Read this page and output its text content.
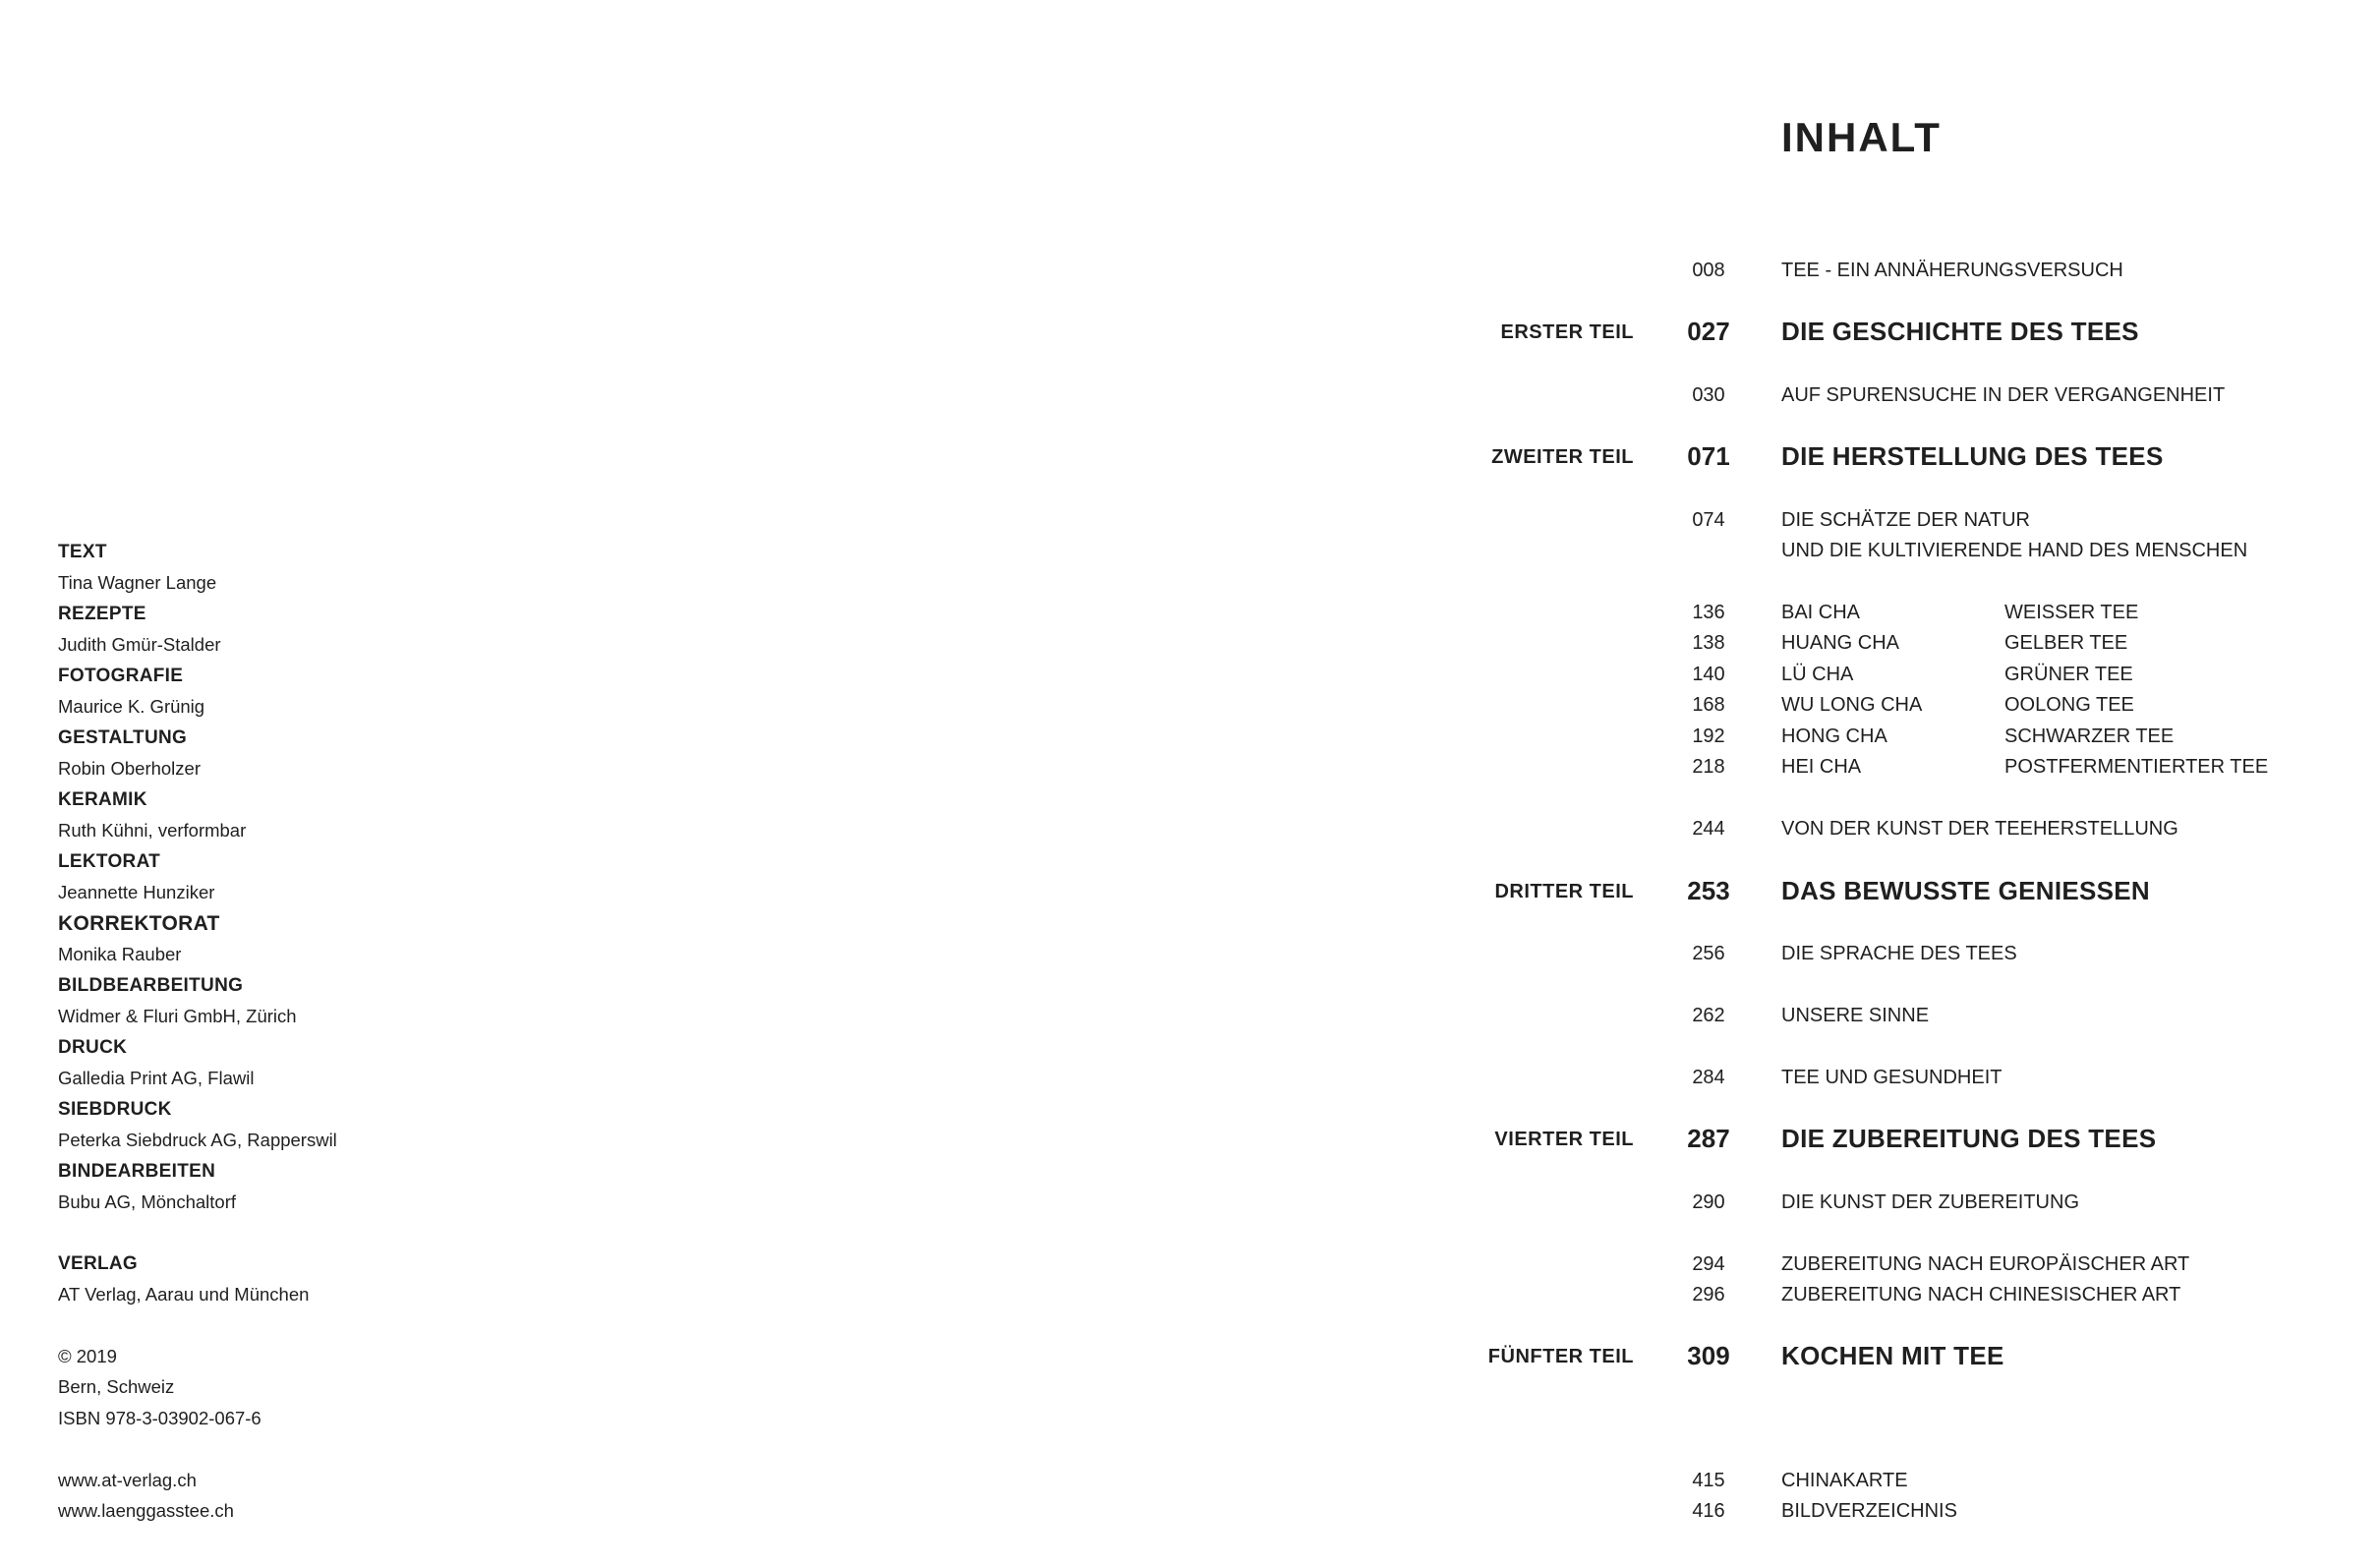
TEXT
Tina Wagner Lange
REZEPTE
Judith Gmür-Stalder
FOTOGRAFIE
Maurice K. Grünig
GESTALTUNG
Robin Oberholzer
KERAMIK
Ruth Kühni, verformbar
LEKTORAT
Jeannette Hunziker
KORREKTORAT
Monika Rauber
BILDBEARBEITUNG
Widmer & Fluri GmbH, Zürich
DRUCK
Galledia Print AG, Flawil
SIEBDRUCK
Peterka Siebdruck AG, Rapperswil
BINDEARBEITEN
Bubu AG, Mönchaltorf
VERLAG
AT Verlag, Aarau und München
© 2019
Bern, Schweiz
ISBN 978-3-03902-067-6
www.at-verlag.ch
www.laenggasstee.ch
INHALT
008	TEE - EIN ANNÄHERUNGSVERSUCH
ERSTER TEIL	027	DIE GESCHICHTE DES TEES
030	AUF SPURENSUCHE IN DER VERGANGENHEIT
ZWEITER TEIL	071	DIE HERSTELLUNG DES TEES
074	DIE SCHÄTZE DER NATUR
UND DIE KULTIVIERENDE HAND DES MENSCHEN
136	BAI CHA	WEISSER TEE
138	HUANG CHA	GELBER TEE
140	LÜ CHA	GRÜNER TEE
168	WU LONG CHA	OOLONG TEE
192	HONG CHA	SCHWARZER TEE
218	HEI CHA	POSTFERMENTIERTER TEE
244	VON DER KUNST DER TEEHERSTELLUNG
DRITTER TEIL	253	DAS BEWUSSTE GENIESSEN
256	DIE SPRACHE DES TEES
262	UNSERE SINNE
284	TEE UND GESUNDHEIT
VIERTER TEIL	287	DIE ZUBEREITUNG DES TEES
290	DIE KUNST DER ZUBEREITUNG
294	ZUBEREITUNG NACH EUROPÄISCHER ART
296	ZUBEREITUNG NACH CHINESISCHER ART
FÜNFTER TEIL	309	KOCHEN MIT TEE
415	CHINAKARTE
416	BILDVERZEICHNIS
